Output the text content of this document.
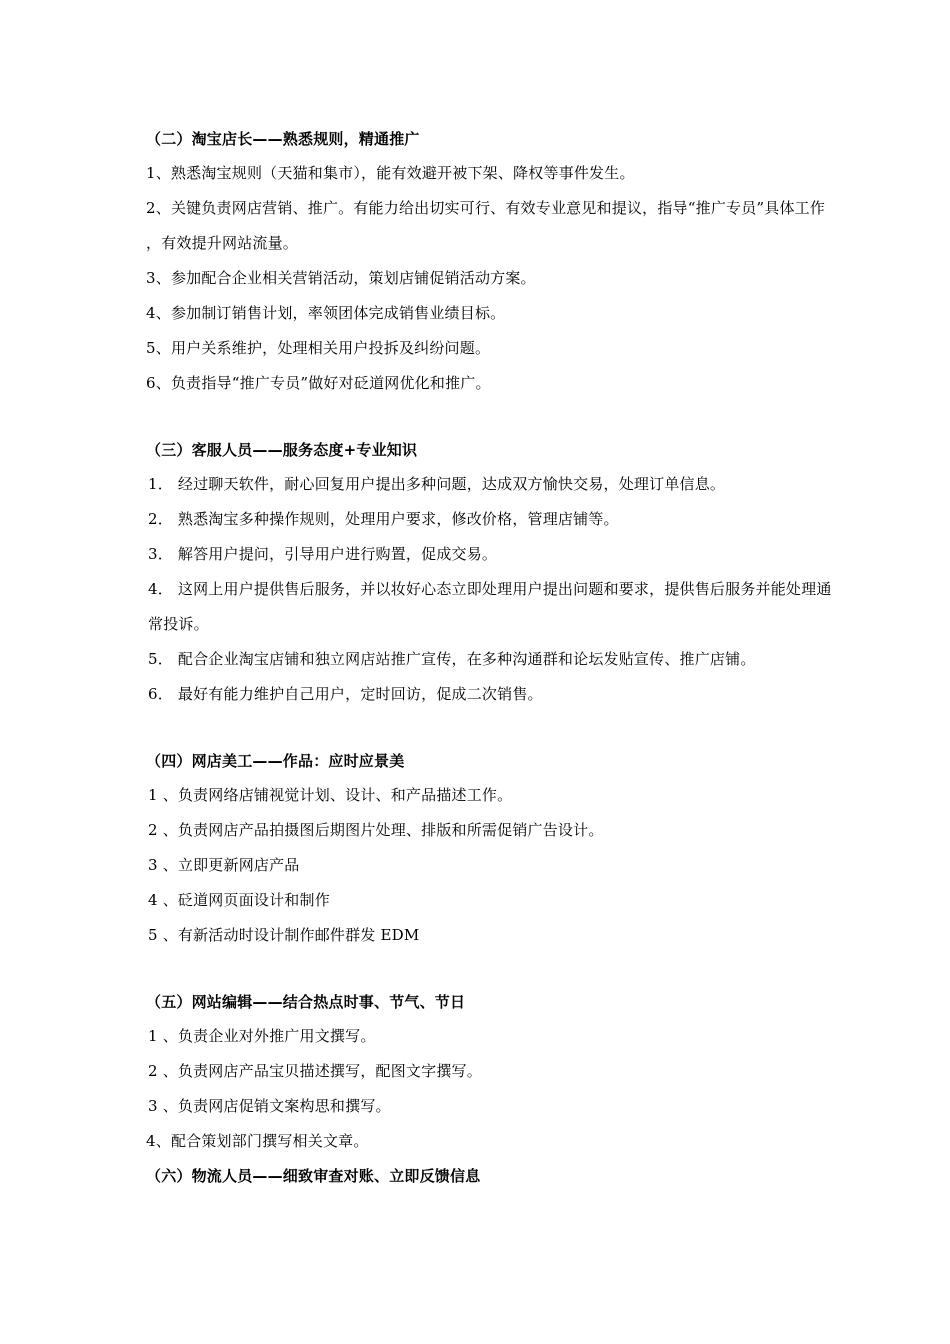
（二）淘宝店长——熟悉规则，精通推广
1、熟悉淘宝规则（天猫和集市），能有效避开被下架、降权等事件发生。
2、关键负责网店营销、推广。有能力给出切实可行、有效专业意见和提议，指导“推广专员”具体工作，有效提升网站流量。
3、参加配合企业相关营销活动，策划店铺促销活动方案。
4、参加制订销售计划，率领团体完成销售业绩目标。
5、用户关系维护，处理相关用户投拆及纠纷问题。
6、负责指导“推广专员”做好对砭道网优化和推广。
（三）客服人员——服务态度+专业知识
1． 经过聊天软件，耐心回复用户提出多种问题，达成双方愉快交易，处理订单信息。
2． 熟悉淘宝多种操作规则，处理用户要求，修改价格，管理店铺等。
3． 解答用户提问，引导用户进行购置，促成交易。
4． 这网上用户提供售后服务，并以妆好心态立即处理用户提出问题和要求，提供售后服务并能处理通常投诉。
5． 配合企业淘宝店铺和独立网店站推广宣传，在多种沟通群和论坛发贴宣传、推广店铺。
6． 最好有能力维护自己用户，定时回访，促成二次销售。
（四）网店美工——作品：应时应景美
1 、负责网络店铺视觉计划、设计、和产品描述工作。
2 、负责网店产品拍摄图后期图片处理、排版和所需促销广告设计。
3 、立即更新网店产品
4 、砭道网页面设计和制作
5 、有新活动时设计制作邮件群发 EDM
（五）网站编辑——结合热点时事、节气、节日
1 、负责企业对外推广用文撰写。
2 、负责网店产品宝贝描述撰写，配图文字撰写。
3 、负责网店促销文案构思和撰写。
4、配合策划部门撰写相关文章。
（六）物流人员——细致审查对账、立即反馈信息
